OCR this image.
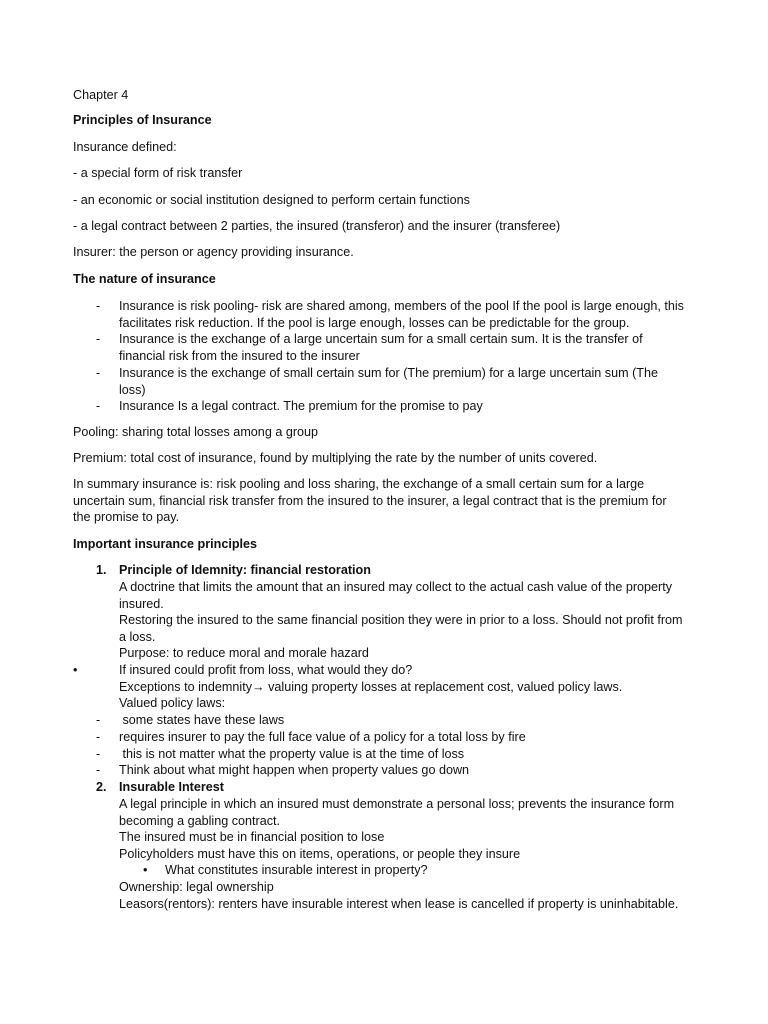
Chapter 4

Principles of Insurance

Insurance defined:

- a special form of risk transfer

- an economic or social institution designed to perform certain functions

- a legal contract between 2 parties, the insured (transferor) and the insurer (transferee)

Insurer: the person or agency providing insurance.

The nature of insurance

- Insurance is risk pooling- risk are shared among, members of the pool If the pool is large enough, this facilitates risk reduction. If the pool is large enough, losses can be predictable for the group.
- Insurance is the exchange of a large uncertain sum for a small certain sum. It is the transfer of financial risk from the insured to the insurer
- Insurance is the exchange of small certain sum for (The premium) for a large uncertain sum (The loss)
- Insurance Is a legal contract. The premium for the promise to pay

Pooling: sharing total losses among a group

Premium: total cost of insurance, found by multiplying the rate by the number of units covered.

In summary insurance is: risk pooling and loss sharing, the exchange of a small certain sum for a large uncertain sum, financial risk transfer from the insured to the insurer, a legal contract that is the premium for the promise to pay.

Important insurance principles

1. Principle of Idemnity: financial restoration
A doctrine that limits the amount that an insured may collect to the actual cash value of the property insured.
Restoring the insured to the same financial position they were in prior to a loss. Should not profit from a loss.
Purpose: to reduce moral and morale hazard
•	If insured could profit from loss, what would they do?
Exceptions to indemnity→ valuing property losses at replacement cost, valued policy laws.
Valued policy laws:
- some states have these laws
- requires insurer to pay the full face value of a policy for a total loss by fire
- this is not matter what the property value is at the time of loss
- Think about what might happen when property values go down
2. Insurable Interest
A legal principle in which an insured must demonstrate a personal loss; prevents the insurance form becoming a gabling contract.
The insured must be in financial position to lose
Policyholders must have this on items, operations, or people they insure
• What constitutes insurable interest in property?
Ownership: legal ownership
Leasors(rentors): renters have insurable interest when lease is cancelled if property is uninhabitable.
